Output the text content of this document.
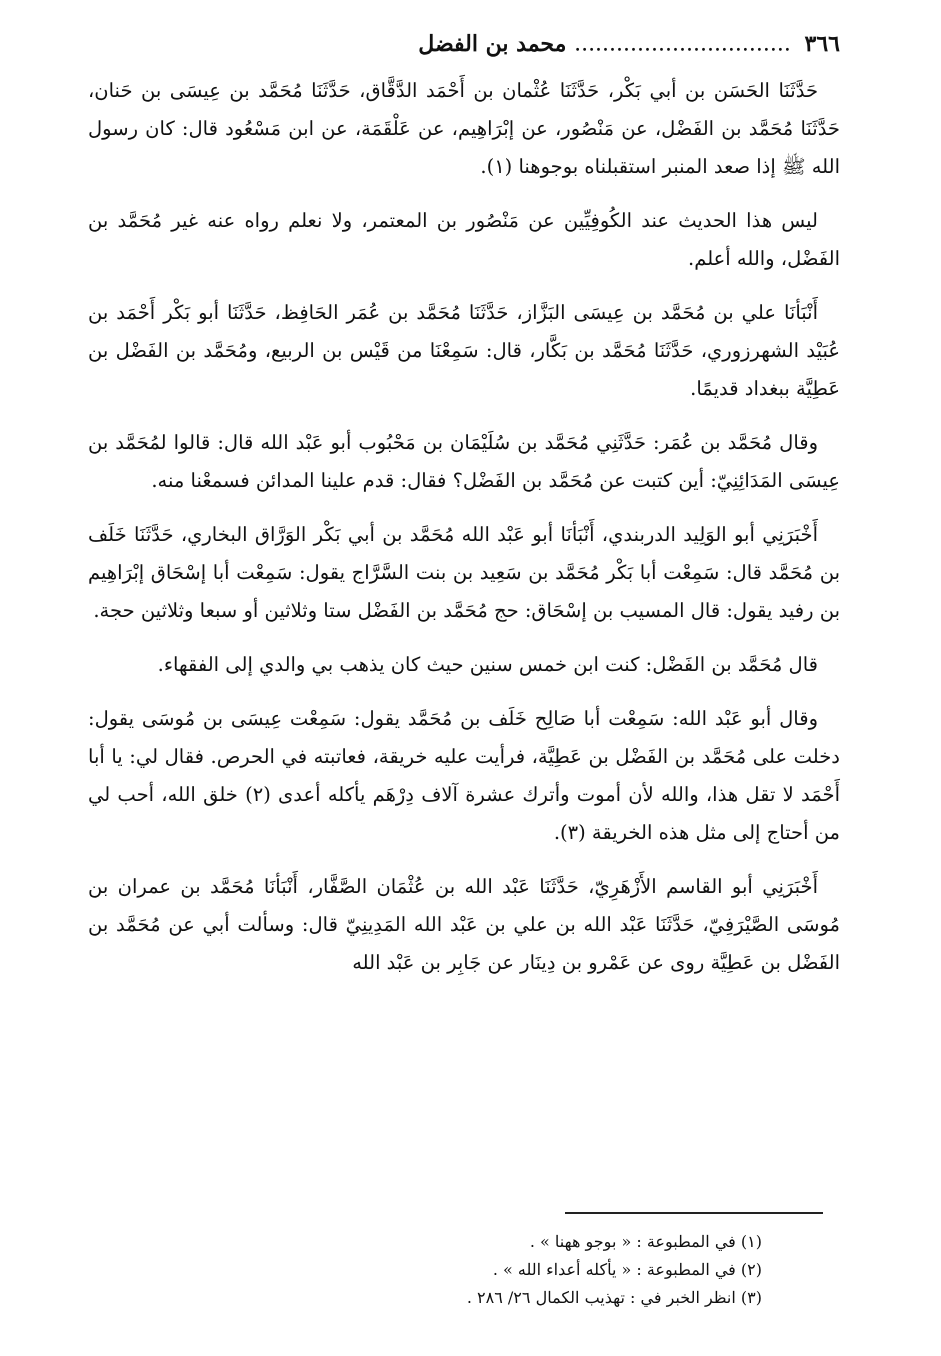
٣٦٦ ............................... محمد بن الفضل

حَدَّثَنَا الحَسَن بن أبي بَكْر، حَدَّثَنَا عُثْمان بن أَحْمَد الدَّقَّاق، حَدَّثَنَا مُحَمَّد بن عِيسَى بن حَنان، حَدَّثَنَا مُحَمَّد بن الفَضْل، عن مَنْصُور، عن إبْرَاهِيم، عن عَلْقَمَة، عن ابن مَسْعُود قال: كان رسول الله ﷺ إذا صعد المنبر استقبلناه بوجوهنا (١).

ليس هذا الحديث عند الكُوفِيِّين عن مَنْصُور بن المعتمر، ولا نعلم رواه عنه غير مُحَمَّد بن الفَضْل، والله أعلم.

أَنْبَأنَا علي بن مُحَمَّد بن عِيسَى البَزَّاز، حَدَّثَنَا مُحَمَّد بن عُمَر الحَافِظ، حَدَّثَنَا أبو بَكْر أَحْمَد بن عُبَيْد الشهرزوري، حَدَّثَنَا مُحَمَّد بن بَكَّار، قال: سَمِعْنَا من قَيْس بن الربيع، ومُحَمَّد بن الفَضْل بن عَطِيَّة ببغداد قديمًا.

وقال مُحَمَّد بن عُمَر: حَدَّثَنِي مُحَمَّد بن سُلَيْمَان بن مَحْبُوب أبو عَبْد الله قال: قالوا لمُحَمَّد بن عِيسَى المَدَائِنِيّ: أين كتبت عن مُحَمَّد بن الفَضْل؟ فقال: قدم علينا المدائن فسمعْنا منه.

أَخْبَرَنِي أبو الوَلِيد الدربندي، أَنْبَأنَا أبو عَبْد الله مُحَمَّد بن أبي بَكْر الوَرَّاق البخاري، حَدَّثَنَا خَلَف بن مُحَمَّد قال: سَمِعْت أبا بَكْر مُحَمَّد بن سَعِيد بن بنت السَّرَّاج يقول: سَمِعْت أبا إسْحَاق إبْرَاهِيم بن رفيد يقول: قال المسيب بن إسْحَاق: حج مُحَمَّد بن الفَضْل ستا وثلاثين أو سبعا وثلاثين حجة.

قال مُحَمَّد بن الفَضْل: كنت ابن خمس سنين حيث كان يذهب بي والدي إلى الفقهاء.

وقال أبو عَبْد الله: سَمِعْت أبا صَالِح خَلَف بن مُحَمَّد يقول: سَمِعْت عِيسَى بن مُوسَى يقول: دخلت على مُحَمَّد بن الفَضْل بن عَطِيَّة، فرأيت عليه خريقة، فعاتبته في الحرص. فقال لي: يا أبا أَحْمَد لا تقل هذا، والله لأن أموت وأترك عشرة آلاف دِرْهَم يأكله أعدى (٢) خلق الله، أحب لي من أحتاج إلى مثل هذه الخريقة (٣).

أَخْبَرَنِي أبو القاسم الأَزْهَرِيّ، حَدَّثَنَا عَبْد الله بن عُثْمَان الصَّفَّار، أَنْبَأنَا مُحَمَّد بن عمران بن مُوسَى الصَّيْرَفِيّ، حَدَّثَنَا عَبْد الله بن علي بن عَبْد الله المَدِينِيّ قال: وسألت أبي عن مُحَمَّد بن الفَضْل بن عَطِيَّة روى عن عَمْرو بن دِينَار عن جَابِر بن عَبْد الله

(١) في المطبوعة : « بوجو ههنا » .

(٢) في المطبوعة : « يأكله أعداء الله » .

(٣) انظر الخبر في : تهذيب الكمال ٢٦/ ٢٨٦ .
